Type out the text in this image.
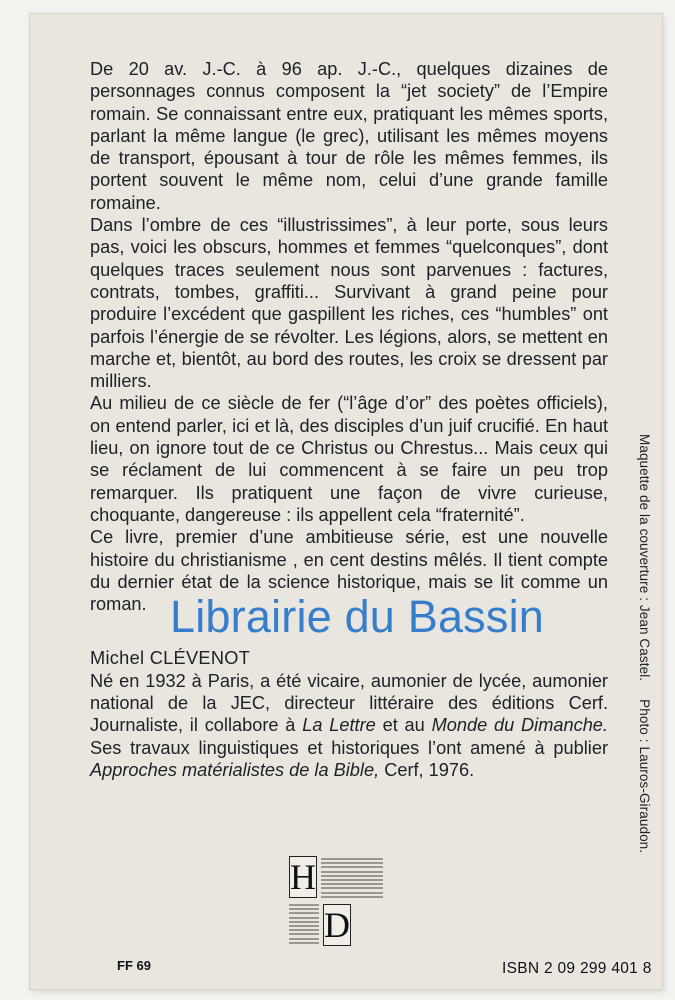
De 20 av. J.-C. à 96 ap. J.-C., quelques dizaines de personnages connus composent la “jet society” de l’Empire romain. Se connaissant entre eux, pratiquant les mêmes sports, parlant la même langue (le grec), utilisant les mêmes moyens de transport, épousant à tour de rôle les mêmes femmes, ils portent souvent le même nom, celui d’une grande famille romaine.

Dans l’ombre de ces “illustrissimes”, à leur porte, sous leurs pas, voici les obscurs, hommes et femmes “quelconques”, dont quelques traces seulement nous sont parvenues : factures, contrats, tombes, graffiti... Survivant à grand peine pour produire l’excédent que gaspillent les riches, ces “humbles” ont parfois l’énergie de se révolter. Les légions, alors, se mettent en marche et, bientôt, au bord des routes, les croix se dressent par milliers.

Au milieu de ce siècle de fer (“l’âge d’or” des poètes officiels), on entend parler, ici et là, des disciples d’un juif crucifié. En haut lieu, on ignore tout de ce Christus ou Chrestus... Mais ceux qui se réclament de lui commencent à se faire un peu trop remarquer. Ils pratiquent une façon de vivre curieuse, choquante, dangereuse : ils appellent cela “fraternité”.

Ce livre, premier d’une ambitieuse série, est une nouvelle histoire du christianisme , en cent destins mêlés. Il tient compte du dernier état de la science historique, mais se lit comme un roman.

Michel CLÉVENOT

Né en 1932 à Paris, a été vicaire, aumonier de lycée, aumonier national de la JEC, directeur littéraire des éditions Cerf. Journaliste, il collabore à La Lettre et au Monde du Dimanche. Ses travaux linguistiques et historiques l’ont amené à publier Approches matérialistes de la Bible, Cerf, 1976.

Maquette de la couverture : Jean Castel.Photo : Lauros-Giraudon.
Librairie du Bassin
H
D
FF 69	ISBN 2 09 299 401 8
